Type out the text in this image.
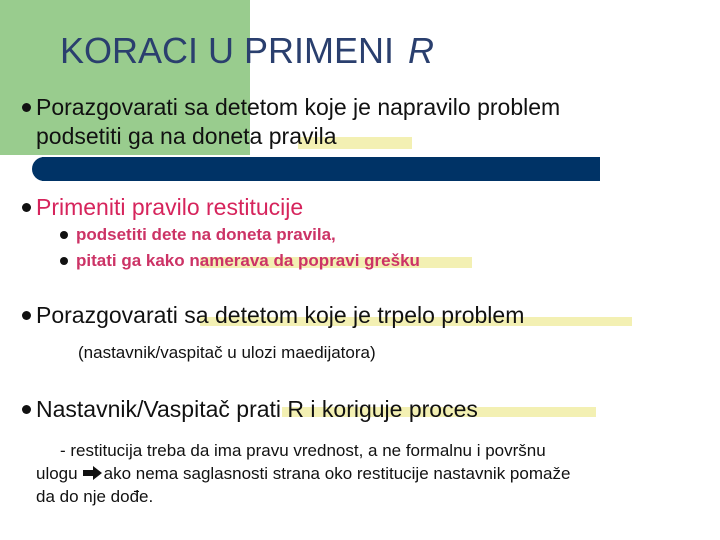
KORACI U PRIMENI R
Porazgovarati sa detetom koje je napravilo problem
podsetiti ga na doneta pravila
Primeniti pravilo restitucije
podsetiti dete na doneta pravila,
pitati ga kako namerava da popravi grešku
Porazgovarati sa detetom koje je trpelo problem
(nastavnik/vaspitač u ulozi maedijatora)
Nastavnik/Vaspitač prati R i koriguje proces
- restitucija treba da ima pravu vrednost, a ne formalnu i površnu
ulogu ako nema saglasnosti strana oko restitucije nastavnik pomaže
da do nje dođe.
